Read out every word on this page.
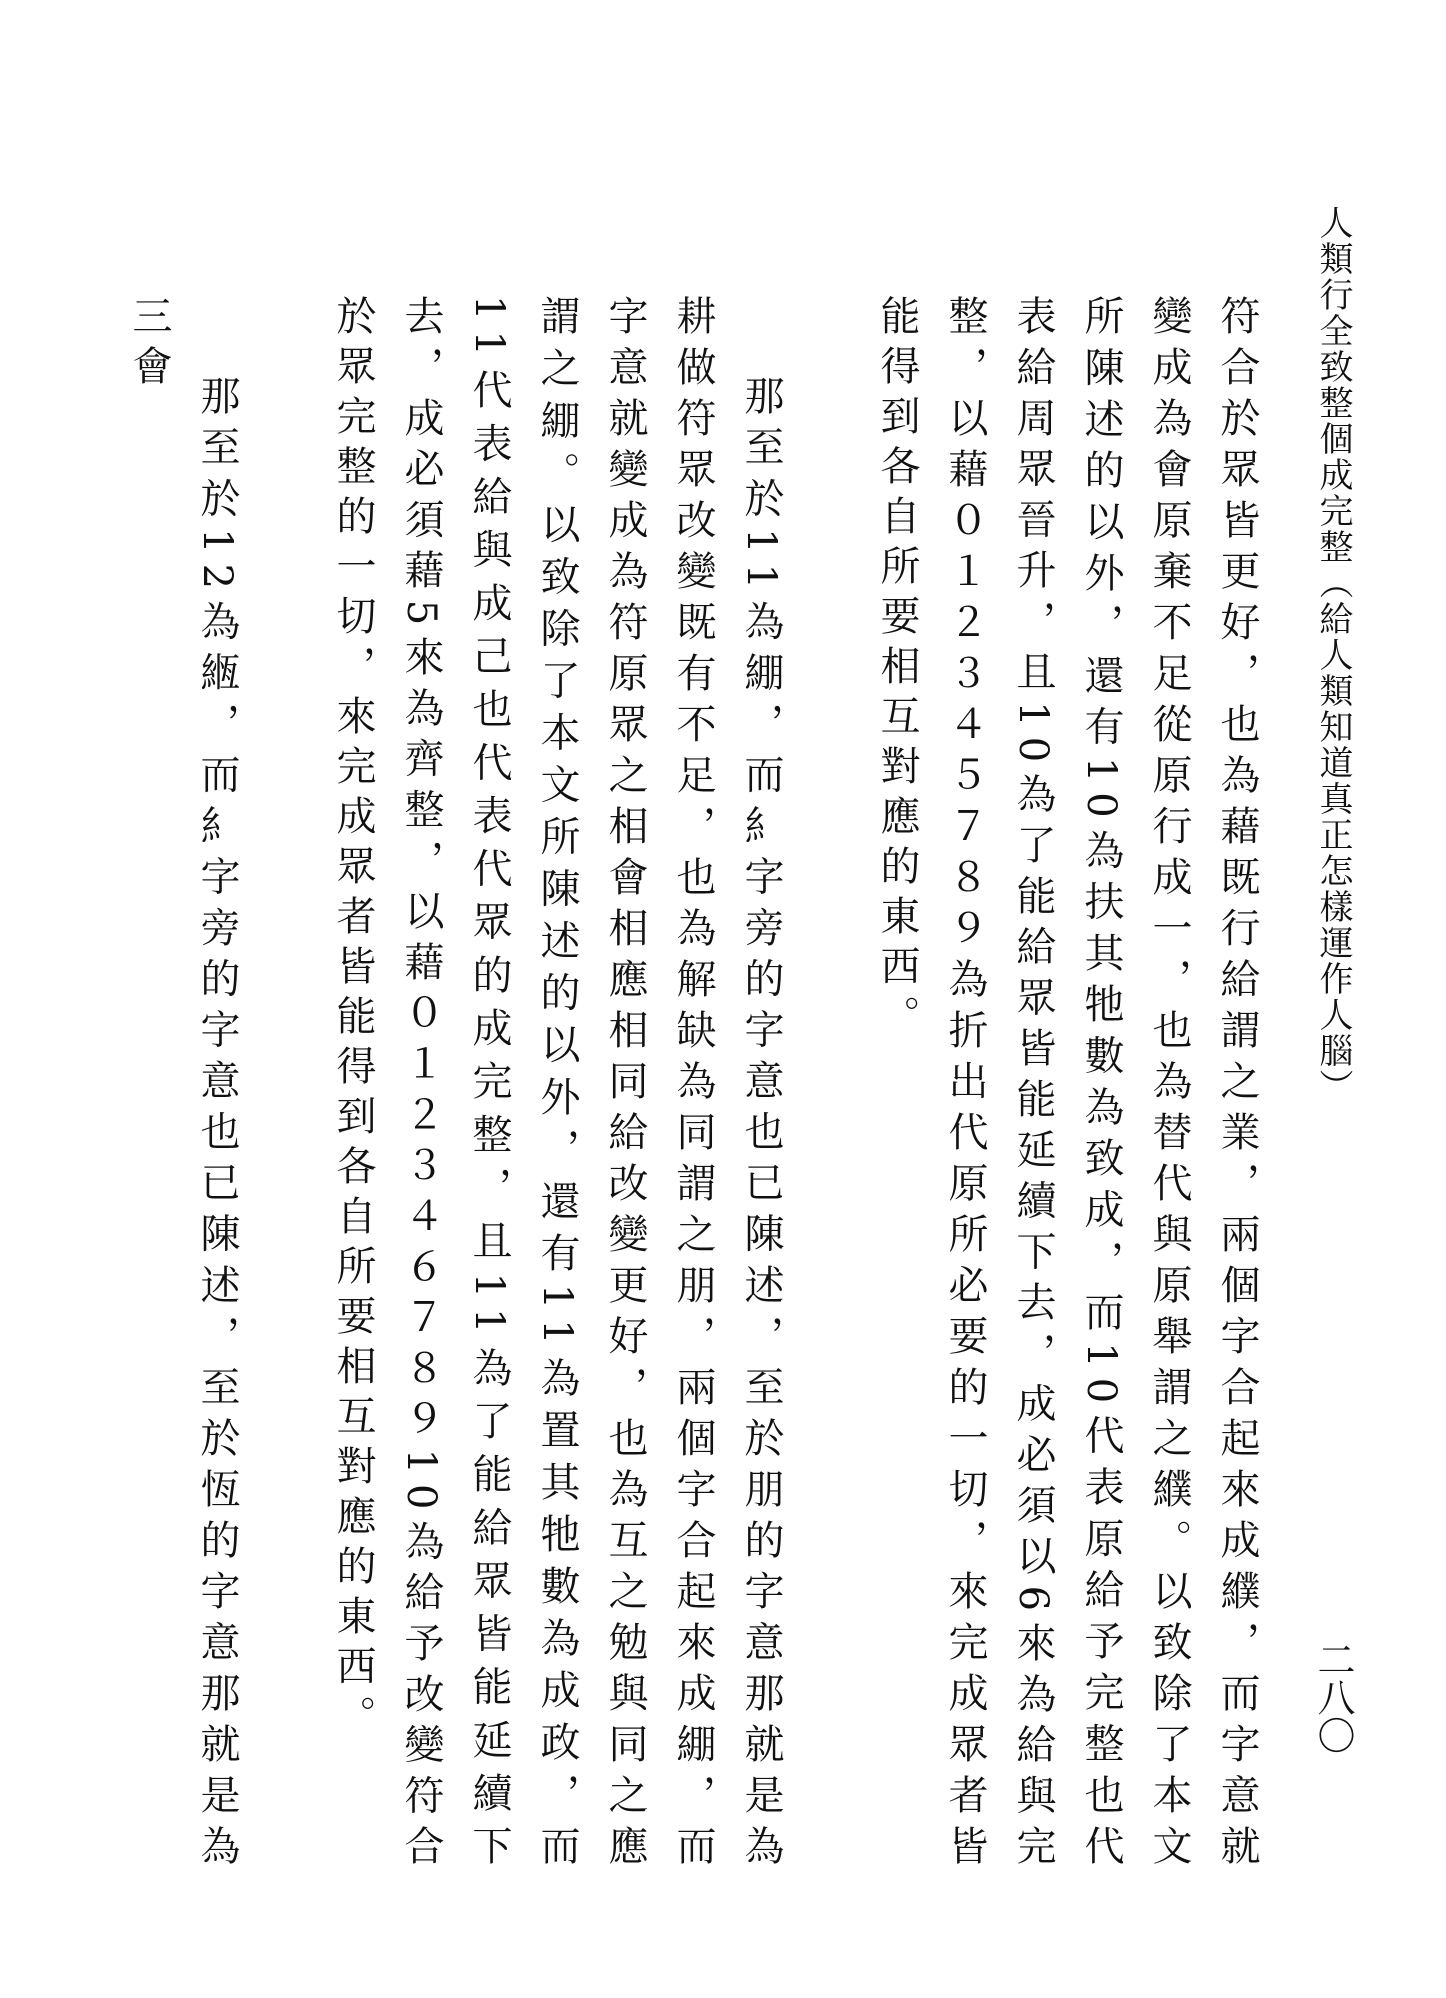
人類行全致整個成完整（給人類知道真正怎樣運作人腦）
二八〇

符合於眾皆更好，也為藉既行給謂之業，兩個字合起來成纀，而字意就變成為會原棄不足從原行成一，也為替代與原舉謂之纀。以致除了本文所陳述的以外，還有10為扶其牠數為致成，而10代表原給予完整也代表給周眾晉升，且10為了能給眾皆能延續下去，成必須以6來為給與完整，以藉０１２３４５７８９為折出代原所必要的一切，來完成眾者皆能得到各自所要相互對應的東西。

那至於11為綳，而糹字旁的字意也已陳述，至於朋的字意那就是為耕做符眾改變既有不足，也為解缺為同謂之朋，兩個字合起來成綳，而字意就變成為符原眾之相會相應相同給改變更好，也為互之勉與同之應謂之綳。以致除了本文所陳述的以外，還有11為置其牠數為成政，而11代表給與成己也代表代眾的成完整，且11為了能給眾皆能延續下去，成必須藉5來為齊整，以藉０１２３４６７８９10為給予改變符合於眾完整的一切，來完成眾者皆能得到各自所要相互對應的東西。

那至於12為緪，而糹字旁的字意也已陳述，至於恆的字意那就是為三會
